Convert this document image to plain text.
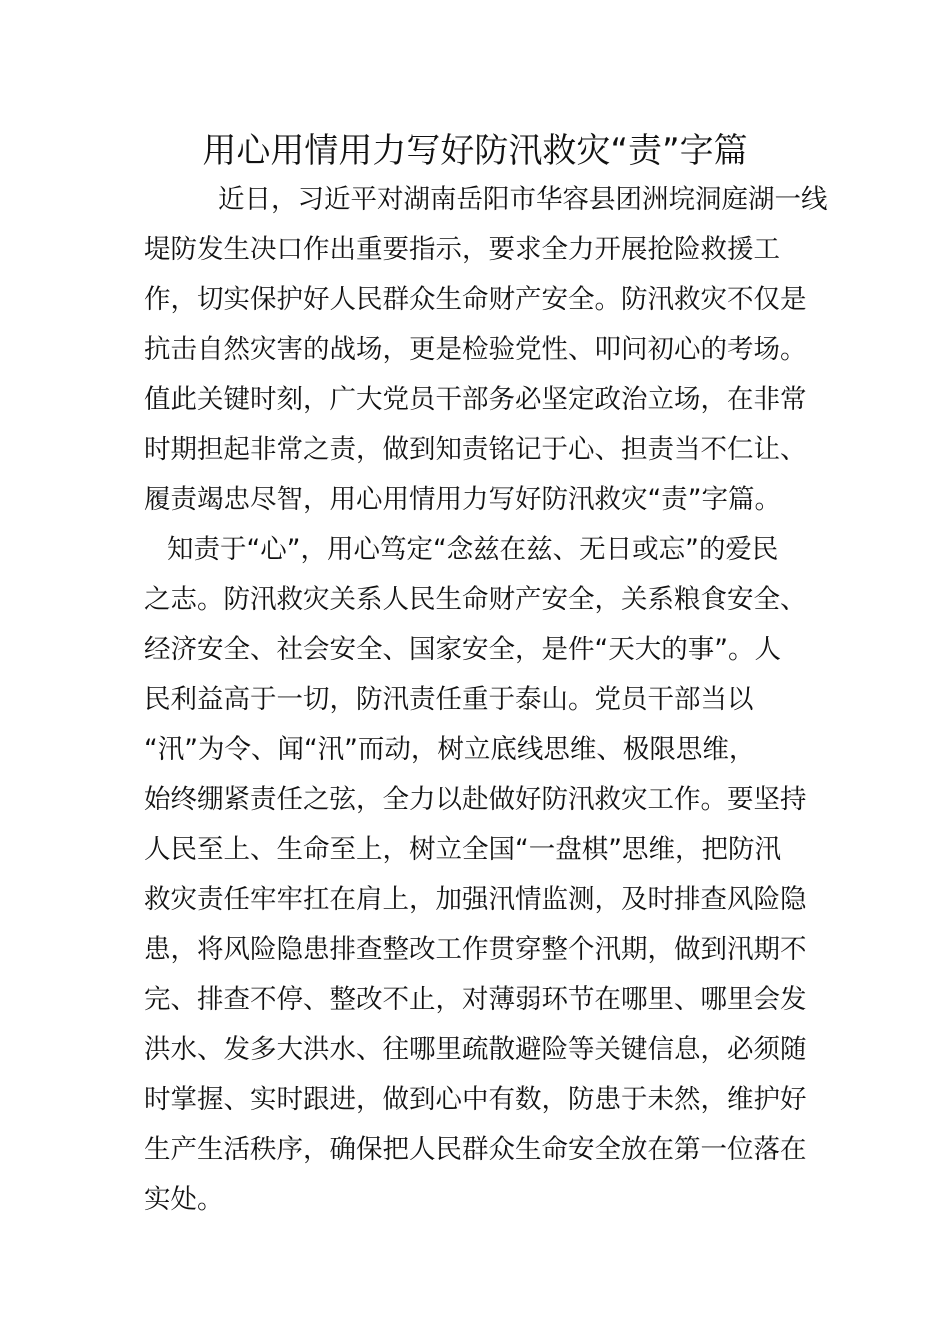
用心用情用力写好防汛救灾“责”字篇

近日，习近平对湖南岳阳市华容县团洲垸洞庭湖一线

堤防发生决口作出重要指示，要求全力开展抢险救援工

作，切实保护好人民群众生命财产安全。防汛救灾不仅是

抗击自然灾害的战场，更是检验党性、叩问初心的考场。

值此关键时刻，广大党员干部务必坚定政治立场，在非常

时期担起非常之责，做到知责铭记于心、担责当不仁让、

履责竭忠尽智，用心用情用力写好防汛救灾“责”字篇。

知责于“心”，用心笃定“念兹在兹、无日或忘”的爱民

之志。防汛救灾关系人民生命财产安全，关系粮食安全、

经济安全、社会安全、国家安全，是件“天大的事”。人

民利益高于一切，防汛责任重于泰山。党员干部当以

“汛”为令、闻“汛”而动，树立底线思维、极限思维，

始终绷紧责任之弦，全力以赴做好防汛救灾工作。要坚持

人民至上、生命至上，树立全国“一盘棋”思维，把防汛

救灾责任牢牢扛在肩上，加强汛情监测，及时排查风险隐

患，将风险隐患排查整改工作贯穿整个汛期，做到汛期不

完、排查不停、整改不止，对薄弱环节在哪里、哪里会发

洪水、发多大洪水、往哪里疏散避险等关键信息，必须随

时掌握、实时跟进，做到心中有数，防患于未然，维护好

生产生活秩序，确保把人民群众生命安全放在第一位落在

实处。
